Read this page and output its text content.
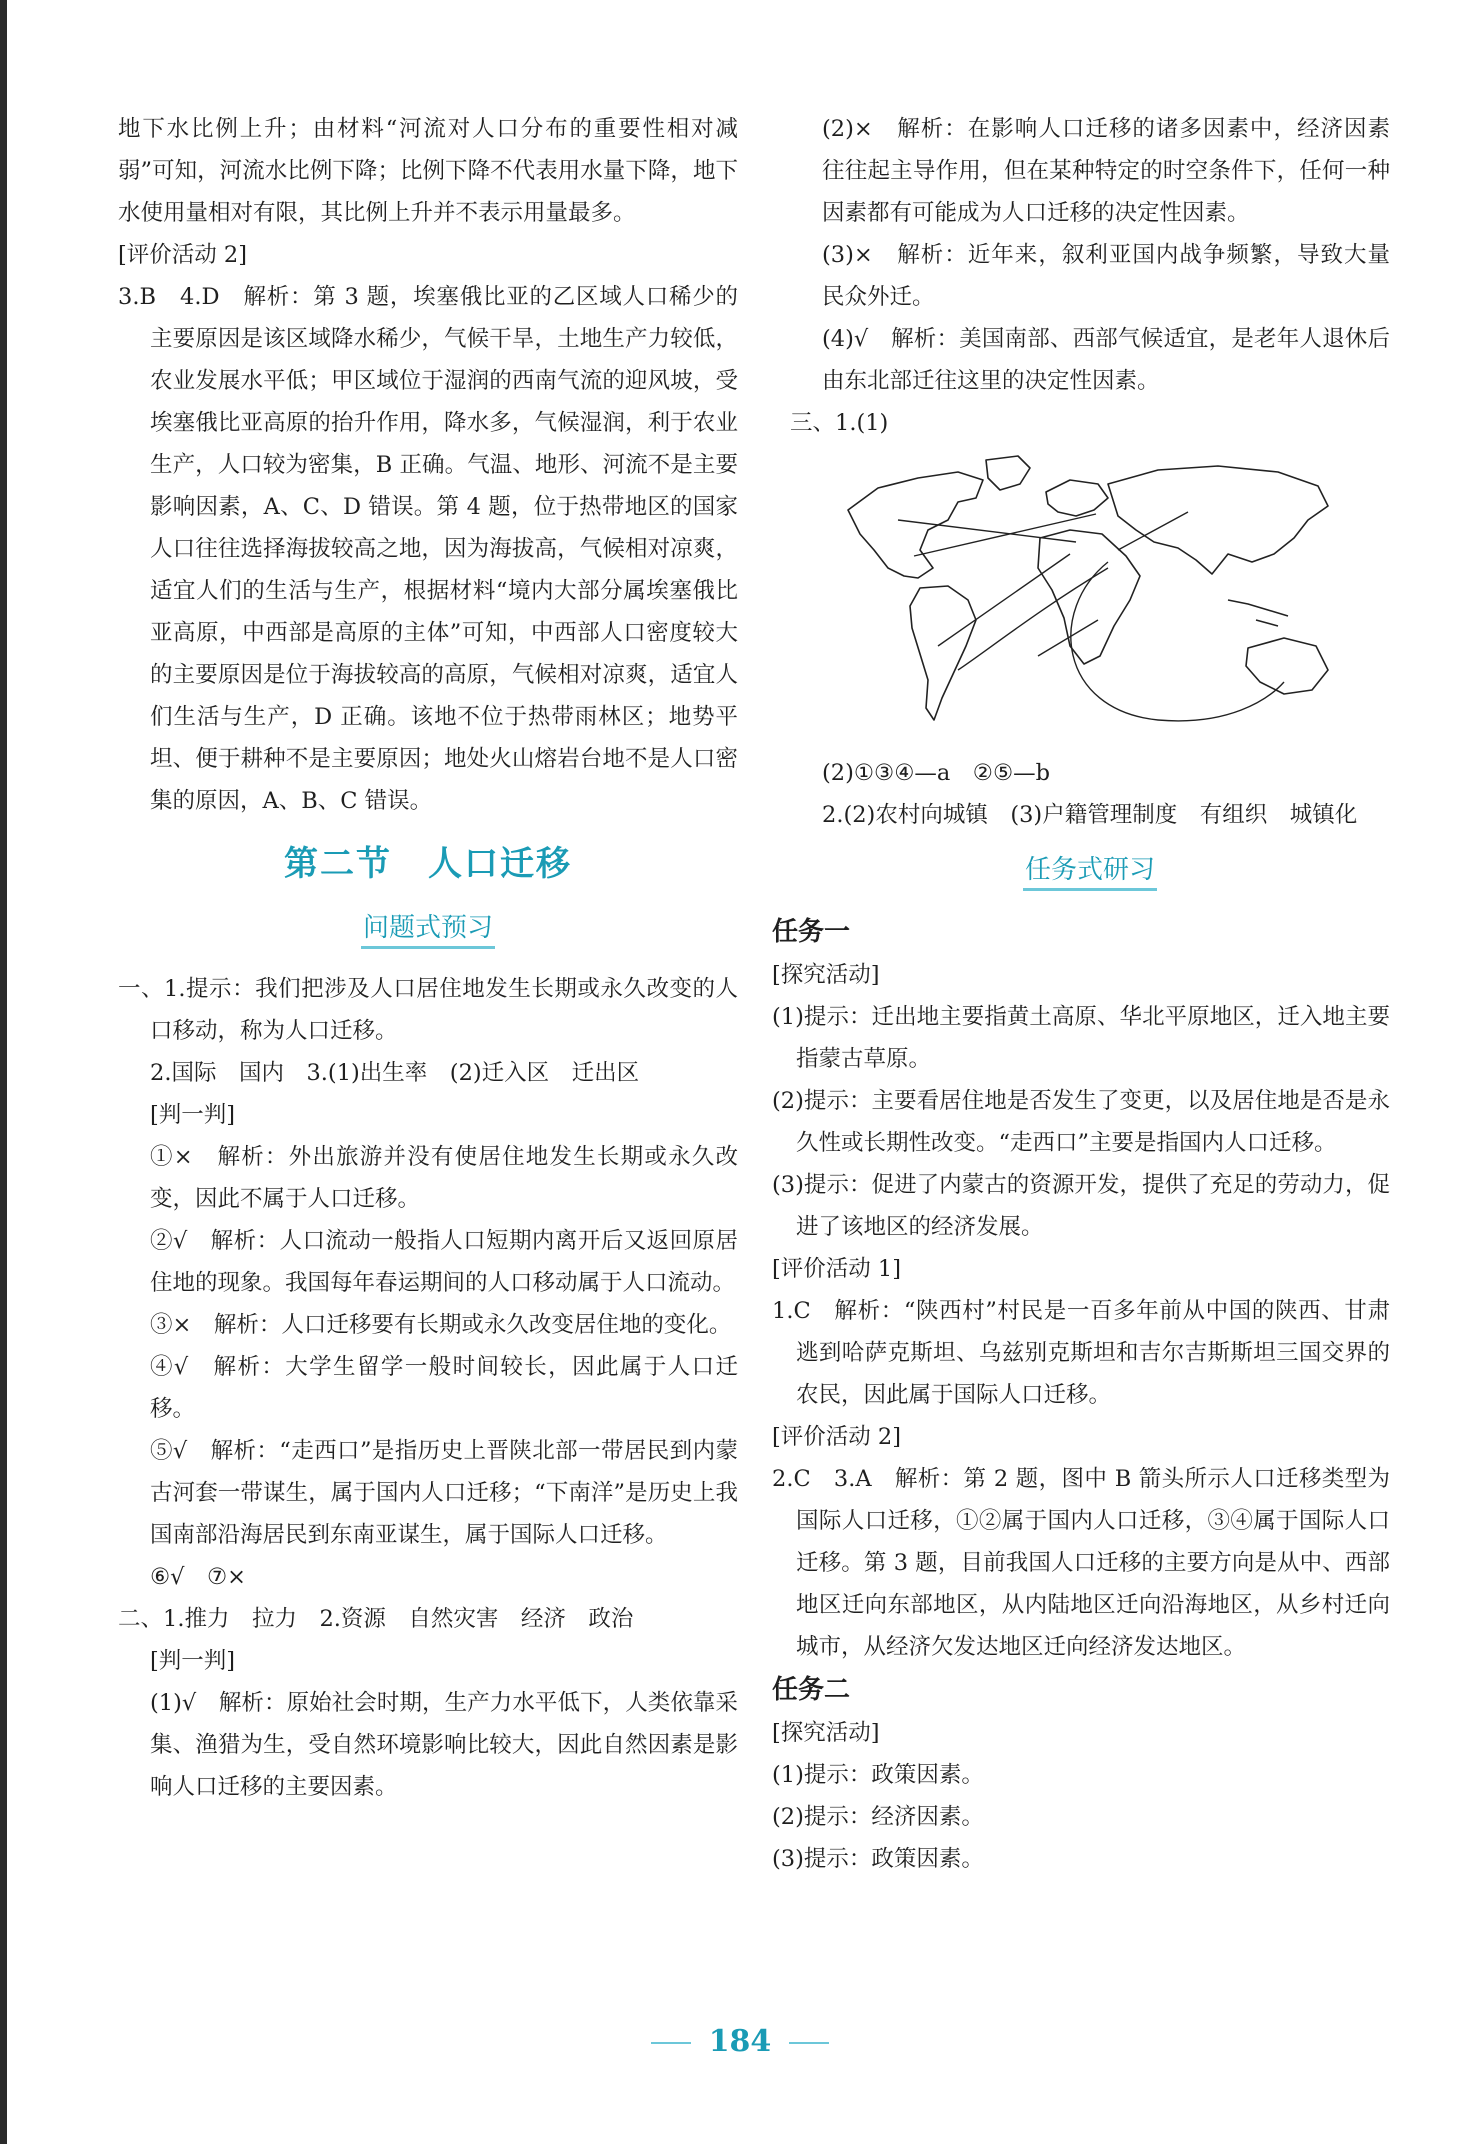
地下水比例上升；由材料“河流对人口分布的重要性相对减弱”可知，河流水比例下降；比例下降不代表用水量下降，地下水使用量相对有限，其比例上升并不表示用量最多。

[评价活动 2]

3.B　4.D　解析：第 3 题，埃塞俄比亚的乙区域人口稀少的主要原因是该区域降水稀少，气候干旱，土地生产力较低，农业发展水平低；甲区域位于湿润的西南气流的迎风坡，受埃塞俄比亚高原的抬升作用，降水多，气候湿润，利于农业生产，人口较为密集，B 正确。气温、地形、河流不是主要影响因素，A、C、D 错误。第 4 题，位于热带地区的国家人口往往选择海拔较高之地，因为海拔高，气候相对凉爽，适宜人们的生活与生产，根据材料“境内大部分属埃塞俄比亚高原，中西部是高原的主体”可知，中西部人口密度较大的主要原因是位于海拔较高的高原，气候相对凉爽，适宜人们生活与生产，D 正确。该地不位于热带雨林区；地势平坦、便于耕种不是主要原因；地处火山熔岩台地不是人口密集的原因，A、B、C 错误。

第二节　人口迁移
问题式预习

一、1.提示：我们把涉及人口居住地发生长期或永久改变的人口移动，称为人口迁移。

2.国际　国内　3.(1)出生率　(2)迁入区　迁出区

[判一判]

①×　解析：外出旅游并没有使居住地发生长期或永久改变，因此不属于人口迁移。

②√　解析：人口流动一般指人口短期内离开后又返回原居住地的现象。我国每年春运期间的人口移动属于人口流动。

③×　解析：人口迁移要有长期或永久改变居住地的变化。

④√　解析：大学生留学一般时间较长，因此属于人口迁移。

⑤√　解析：“走西口”是指历史上晋陕北部一带居民到内蒙古河套一带谋生，属于国内人口迁移；“下南洋”是历史上我国南部沿海居民到东南亚谋生，属于国际人口迁移。

⑥√　⑦×

二、1.推力　拉力　2.资源　自然灾害　经济　政治

[判一判]

(1)√　解析：原始社会时期，生产力水平低下，人类依靠采集、渔猎为生，受自然环境影响比较大，因此自然因素是影响人口迁移的主要因素。

(2)×　解析：在影响人口迁移的诸多因素中，经济因素往往起主导作用，但在某种特定的时空条件下，任何一种因素都有可能成为人口迁移的决定性因素。

(3)×　解析：近年来，叙利亚国内战争频繁，导致大量民众外迁。

(4)√　解析：美国南部、西部气候适宜，是老年人退休后由东北部迁往这里的决定性因素。

三、1.(1)

(2)①③④—a　②⑤—b

2.(2)农村向城镇　(3)户籍管理制度　有组织　城镇化

任务式研习

任务一

[探究活动]

(1)提示：迁出地主要指黄土高原、华北平原地区，迁入地主要指蒙古草原。

(2)提示：主要看居住地是否发生了变更，以及居住地是否是永久性或长期性改变。“走西口”主要是指国内人口迁移。

(3)提示：促进了内蒙古的资源开发，提供了充足的劳动力，促进了该地区的经济发展。

[评价活动 1]

1.C　解析：“陕西村”村民是一百多年前从中国的陕西、甘肃逃到哈萨克斯坦、乌兹别克斯坦和吉尔吉斯斯坦三国交界的农民，因此属于国际人口迁移。

[评价活动 2]

2.C　3.A　解析：第 2 题，图中 B 箭头所示人口迁移类型为国际人口迁移，①②属于国内人口迁移，③④属于国际人口迁移。第 3 题，目前我国人口迁移的主要方向是从中、西部地区迁向东部地区，从内陆地区迁向沿海地区，从乡村迁向城市，从经济欠发达地区迁向经济发达地区。

任务二

[探究活动]

(1)提示：政策因素。

(2)提示：经济因素。

(3)提示：政策因素。

184
